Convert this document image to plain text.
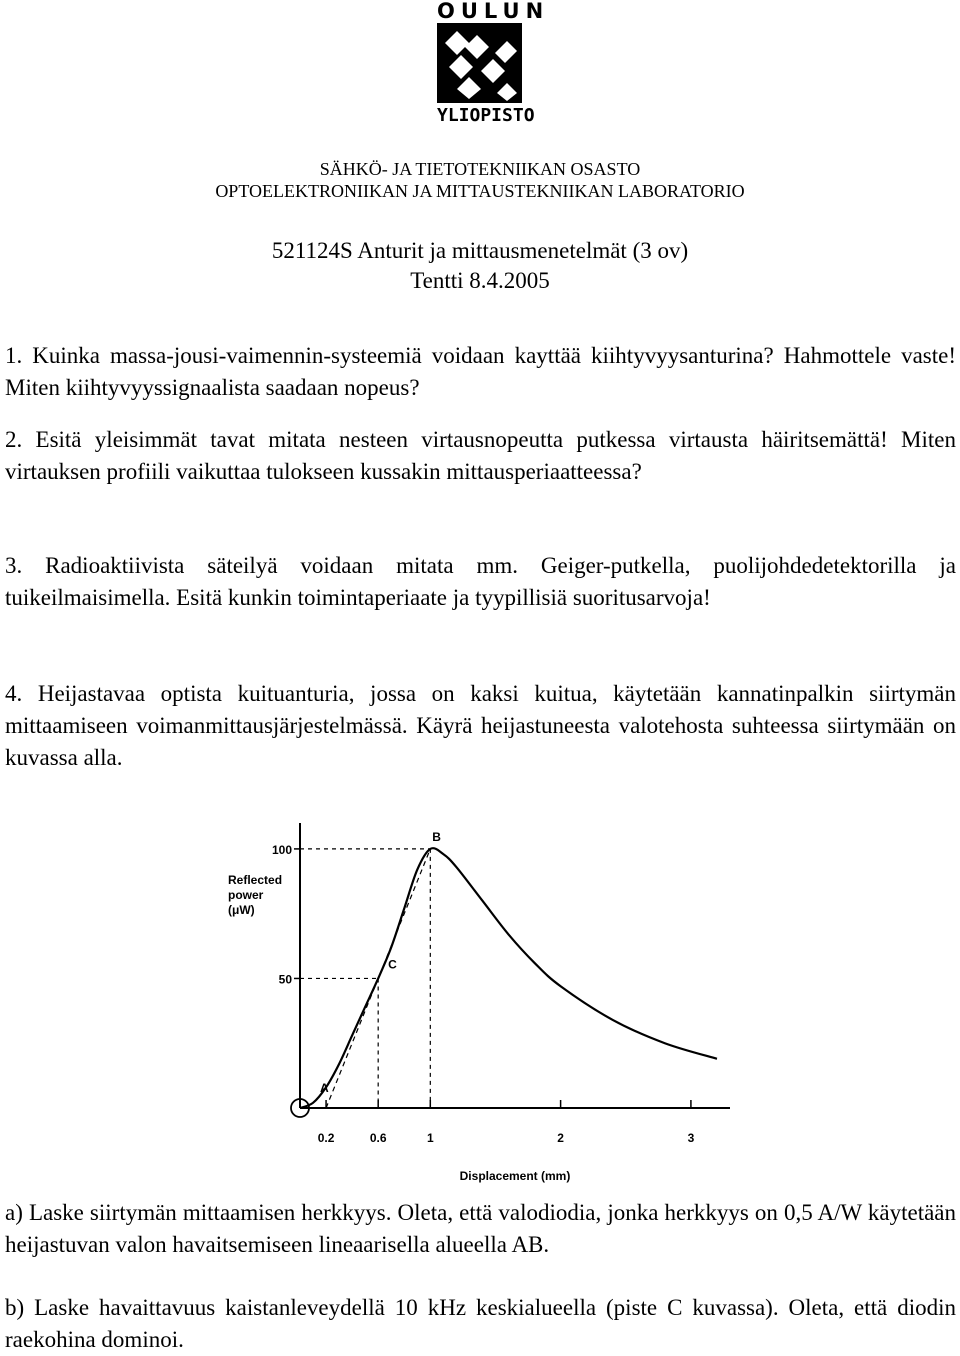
OULUN
YLIOPISTO
SÄHKÖ- JA TIETOTEKNIIKAN OSASTO
OPTOELEKTRONIIKAN JA MITTAUSTEKNIIKAN LABORATORIO
521124S Anturit ja mittausmenetelmät (3 ov)
Tentti 8.4.2005

1. Kuinka massa-jousi-vaimennin-systeemiä voidaan kayttää kiihtyvyysanturina? Hahmottele vaste! Miten kiihtyvyyssignaalista saadaan nopeus?

2. Esitä yleisimmät tavat mitata nesteen virtausnopeutta putkessa virtausta häiritsemättä! Miten virtauksen profiili vaikuttaa tulokseen kussakin mittausperiaatteessa?

3. Radioaktiivista säteilyä voidaan mitata mm. Geiger-putkella, puolijohdedetektorilla ja tuikeilmaisimella. Esitä kunkin toimintaperiaate ja tyypillisiä suoritusarvoja!

4. Heijastavaa optista kuituanturia, jossa on kaksi kuitua, käytetään kannatinpalkin siirtymän mittaamiseen voimanmittausjärjestelmässä. Käyrä heijastuneesta valotehosta suhteessa siirtymään on kuvassa alla.

100
50
0.2	0.6	1	2	3
Reflected
power
(μW)
Displacement (mm)
A
C
B

a) Laske siirtymän mittaamisen herkkyys. Oleta, että valodiodia, jonka herkkyys on 0,5 A/W käytetään heijastuvan valon havaitsemiseen lineaarisella alueella AB.

b) Laske havaittavuus kaistanleveydellä 10 kHz keskialueella (piste C kuvassa). Oleta, että diodin raekohina dominoi.
